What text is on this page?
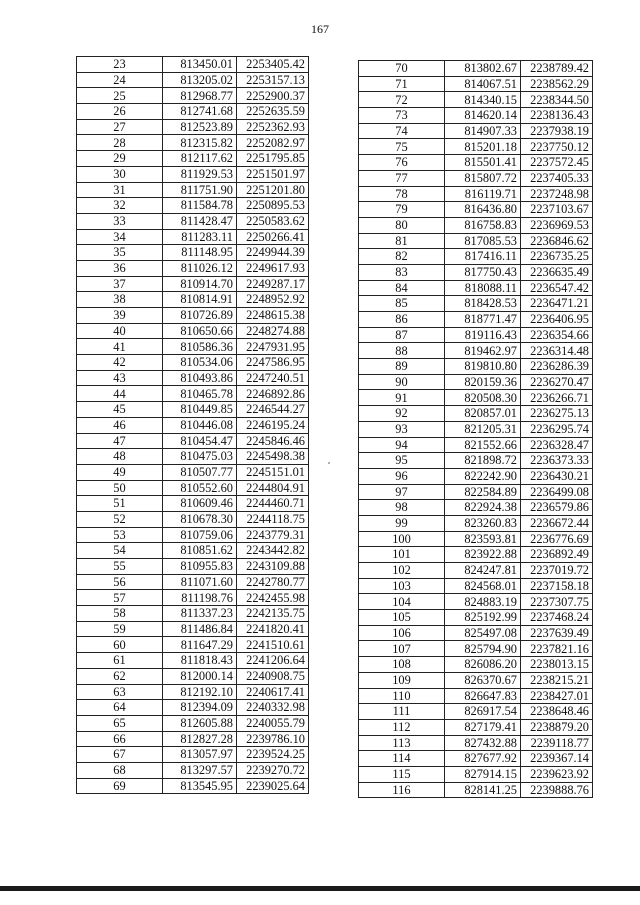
167
23	813450.01	2253405.42
24	813205.02	2253157.13
25	812968.77	2252900.37
26	812741.68	2252635.59
27	812523.89	2252362.93
28	812315.82	2252082.97
29	812117.62	2251795.85
30	811929.53	2251501.97
31	811751.90	2251201.80
32	811584.78	2250895.53
33	811428.47	2250583.62
34	811283.11	2250266.41
35	811148.95	2249944.39
36	811026.12	2249617.93
37	810914.70	2249287.17
38	810814.91	2248952.92
39	810726.89	2248615.38
40	810650.66	2248274.88
41	810586.36	2247931.95
42	810534.06	2247586.95
43	810493.86	2247240.51
44	810465.78	2246892.86
45	810449.85	2246544.27
46	810446.08	2246195.24
47	810454.47	2245846.46
48	810475.03	2245498.38
49	810507.77	2245151.01
50	810552.60	2244804.91
51	810609.46	2244460.71
52	810678.30	2244118.75
53	810759.06	2243779.31
54	810851.62	2243442.82
55	810955.83	2243109.88
56	811071.60	2242780.77
57	811198.76	2242455.98
58	811337.23	2242135.75
59	811486.84	2241820.41
60	811647.29	2241510.61
61	811818.43	2241206.64
62	812000.14	2240908.75
63	812192.10	2240617.41
64	812394.09	2240332.98
65	812605.88	2240055.79
66	812827.28	2239786.10
67	813057.97	2239524.25
68	813297.57	2239270.72
69	813545.95	2239025.64
70	813802.67	2238789.42
71	814067.51	2238562.29
72	814340.15	2238344.50
73	814620.14	2238136.43
74	814907.33	2237938.19
75	815201.18	2237750.12
76	815501.41	2237572.45
77	815807.72	2237405.33
78	816119.71	2237248.98
79	816436.80	2237103.67
80	816758.83	2236969.53
81	817085.53	2236846.62
82	817416.11	2236735.25
83	817750.43	2236635.49
84	818088.11	2236547.42
85	818428.53	2236471.21
86	818771.47	2236406.95
87	819116.43	2236354.66
88	819462.97	2236314.48
89	819810.80	2236286.39
90	820159.36	2236270.47
91	820508.30	2236266.71
92	820857.01	2236275.13
93	821205.31	2236295.74
94	821552.66	2236328.47
95	821898.72	2236373.33
96	822242.90	2236430.21
97	822584.89	2236499.08
98	822924.38	2236579.86
99	823260.83	2236672.44
100	823593.81	2236776.69
101	823922.88	2236892.49
102	824247.81	2237019.72
103	824568.01	2237158.18
104	824883.19	2237307.75
105	825192.99	2237468.24
106	825497.08	2237639.49
107	825794.90	2237821.16
108	826086.20	2238013.15
109	826370.67	2238215.21
110	826647.83	2238427.01
111	826917.54	2238648.46
112	827179.41	2238879.20
113	827432.88	2239118.77
114	827677.92	2239367.14
115	827914.15	2239623.92
116	828141.25	2239888.76
